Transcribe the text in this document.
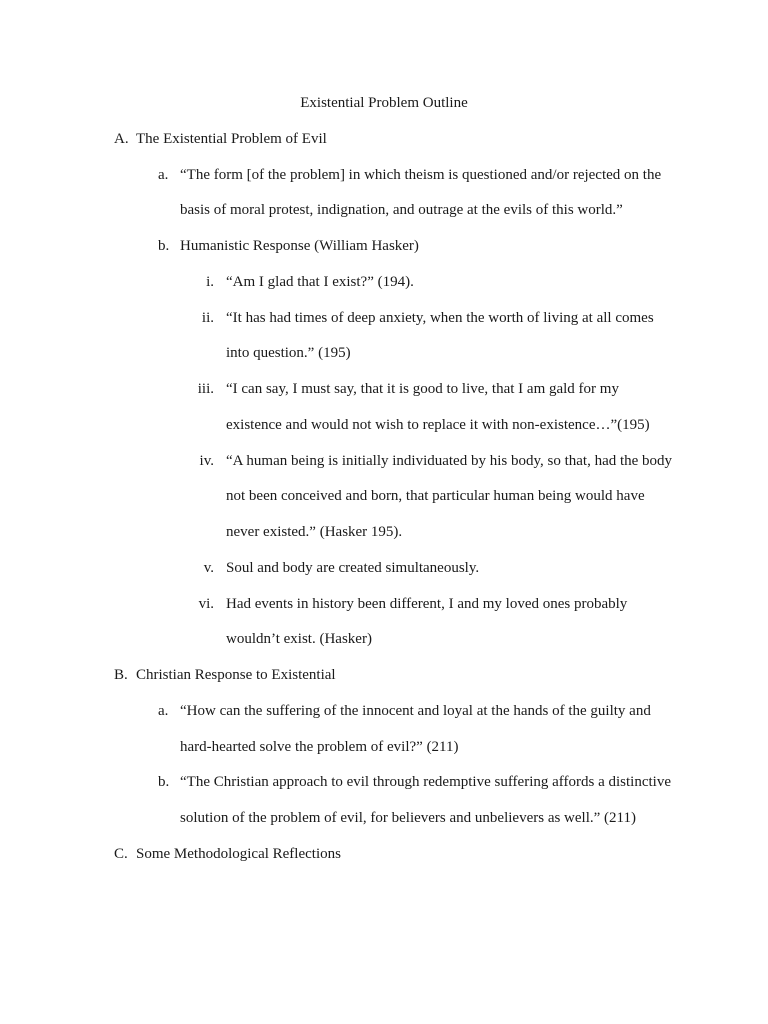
Existential Problem Outline
A. The Existential Problem of Evil
a. “The form [of the problem] in which theism is questioned and/or rejected on the
basis of moral protest, indignation, and outrage at the evils of this world.”
b. Humanistic Response (William Hasker)
i. “Am I glad that I exist?” (194).
ii. “It has had times of deep anxiety, when the worth of living at all comes
into question.” (195)
iii. “I can say, I must say, that it is good to live, that I am gald for my
existence and would not wish to replace it with non-existence…”(195)
iv. “A human being is initially individuated by his body, so that, had the body
not been conceived and born, that particular human being would have
never existed.” (Hasker 195).
v. Soul and body are created simultaneously.
vi. Had events in history been different, I and my loved ones probably
wouldn’t exist. (Hasker)
B. Christian Response to Existential
a. “How can the suffering of the innocent and loyal at the hands of the guilty and
hard-hearted solve the problem of evil?” (211)
b. “The Christian approach to evil through redemptive suffering affords a distinctive
solution of the problem of evil, for believers and unbelievers as well.” (211)
C. Some Methodological Reflections
